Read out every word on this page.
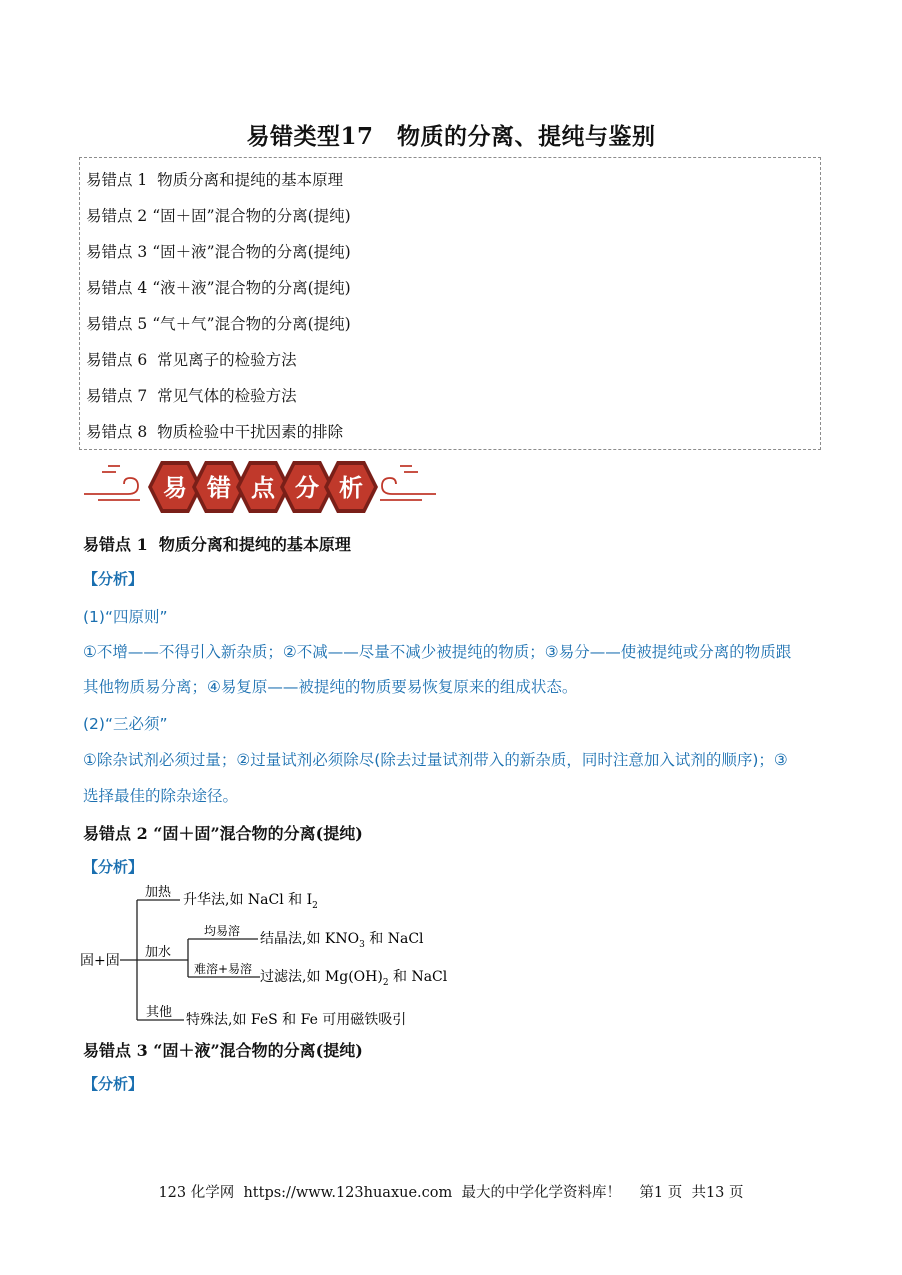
易错类型17　物质的分离、提纯与鉴别
易错点 1  物质分离和提纯的基本原理
易错点 2 “固＋固”混合物的分离(提纯)
易错点 3 “固＋液”混合物的分离(提纯)
易错点 4 “液＋液”混合物的分离(提纯)
易错点 5 “气＋气”混合物的分离(提纯)
易错点 6  常见离子的检验方法
易错点 7  常见气体的检验方法
易错点 8  物质检验中干扰因素的排除
易 错 点 分 析
易错点 1  物质分离和提纯的基本原理
【分析】
(1)“四原则”
①不增——不得引入新杂质；②不减——尽量不减少被提纯的物质；③易分——使被提纯或分离的物质跟
其他物质易分离；④易复原——被提纯的物质要易恢复原来的组成状态。
(2)“三必须”
①除杂试剂必须过量；②过量试剂必须除尽(除去过量试剂带入的新杂质，同时注意加入试剂的顺序)；③
选择最佳的除杂途径。
易错点 2 “固＋固”混合物的分离(提纯)
【分析】
固+固
加热 升华法,如 NaCl 和 $I_2$
加水
均易溶 结晶法,如 $KNO_3$ 和 NaCl
难溶+易溶 过滤法,如 $Mg(OH)_2$ 和 NaCl
其他 特殊法,如 FeS 和 Fe 可用磁铁吸引
易错点 3 “固＋液”混合物的分离(提纯)
【分析】
123 化学网  https://www.123huaxue.com  最大的中学化学资料库！    第1 页  共13 页
